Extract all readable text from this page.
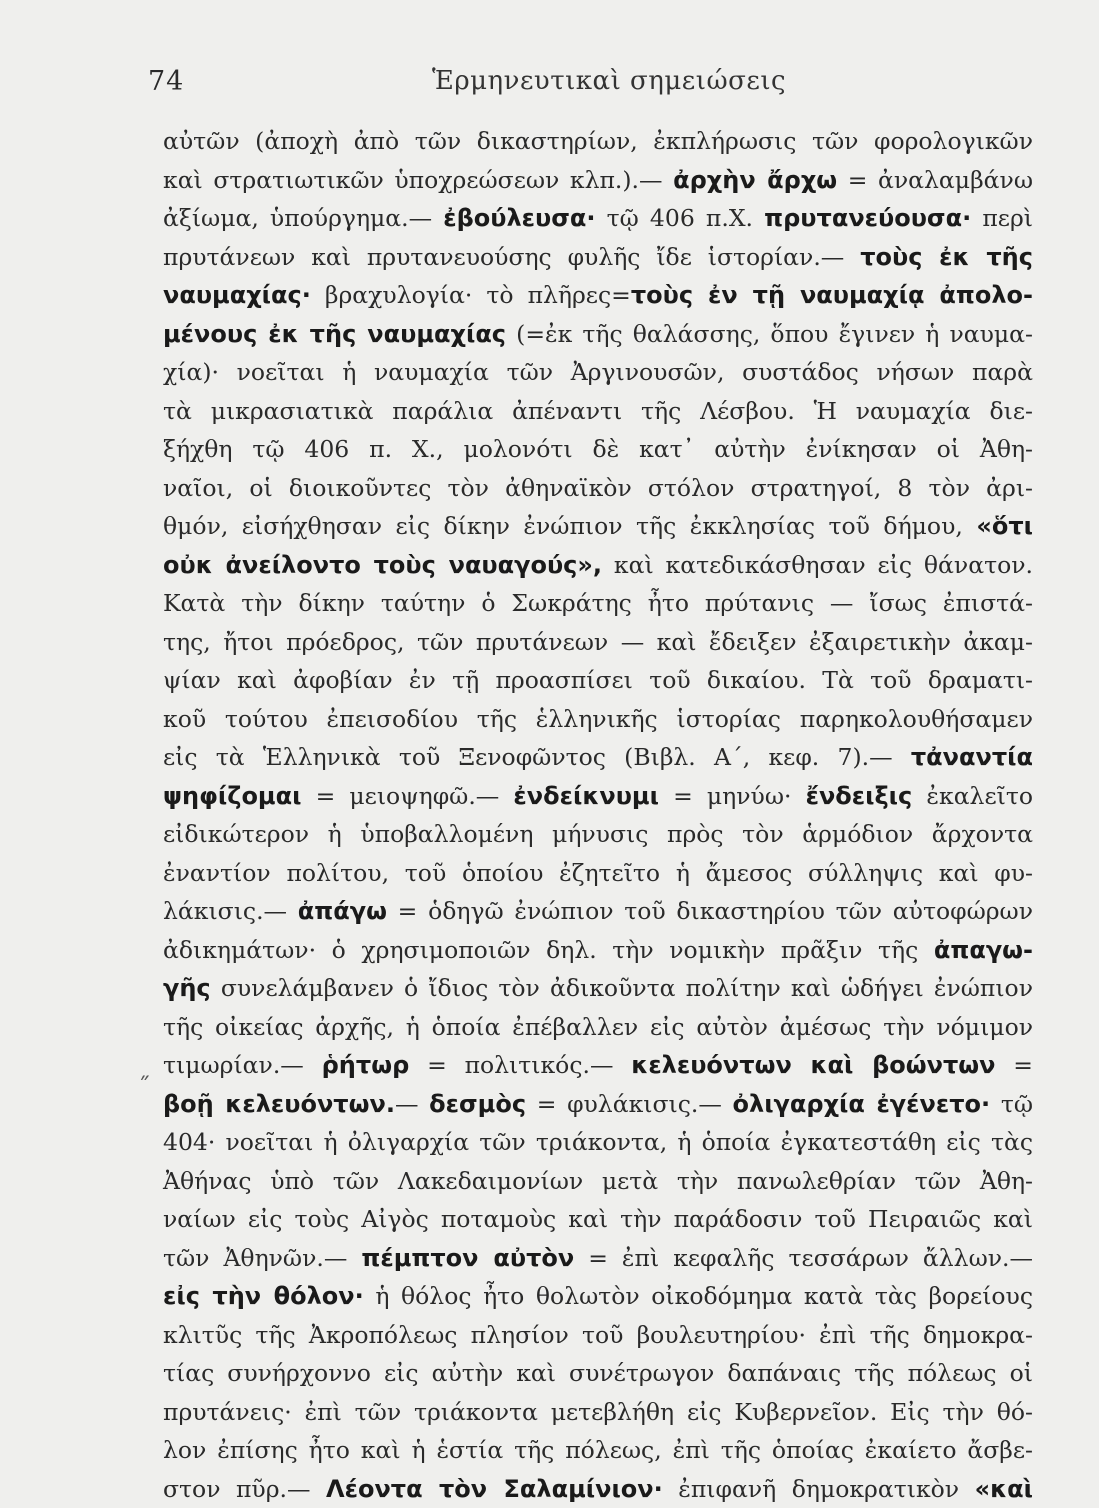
74	Ἑρμηνευτικαὶ σημειώσεις
˝
αὐτῶν (ἀποχὴ ἀπὸ τῶν δικαστηρίων, ἐκπλήρωσις τῶν φορολογικῶν
καὶ στρατιωτικῶν ὑποχρεώσεων κλπ.).— ἀρχὴν ἄρχω = ἀναλαμβάνω
ἀξίωμα, ὑπούργημα.— ἐβούλευσα· τῷ 406 π.Χ. πρυτανεύουσα· περὶ
πρυτάνεων καὶ πρυτανευούσης φυλῆς ἴδε ἱστορίαν.— τοὺς ἐκ τῆς
ναυμαχίας· βραχυλογία· τὸ πλῆρες=τοὺς ἐν τῇ ναυμαχίᾳ ἀπολο-
μένους ἐκ τῆς ναυμαχίας (=ἐκ τῆς θαλάσσης, ὅπου ἔγινεν ἡ ναυμα-
χία)· νοεῖται ἡ ναυμαχία τῶν Ἀργινουσῶν, συστάδος νήσων παρὰ
τὰ μικρασιατικὰ παράλια ἀπέναντι τῆς Λέσβου. Ἡ ναυμαχία διε-
ξήχθη τῷ 406 π. Χ., μολονότι δὲ κατ᾽ αὐτὴν ἐνίκησαν οἱ Ἀθη-
ναῖοι, οἱ διοικοῦντες τὸν ἀθηναϊκὸν στόλον στρατηγοί, 8 τὸν ἀρι-
θμόν, εἰσήχθησαν εἰς δίκην ἐνώπιον τῆς ἐκκλησίας τοῦ δήμου, «ὅτι
οὐκ ἀνείλοντο τοὺς ναυαγούς», καὶ κατεδικάσθησαν εἰς θάνατον.
Κατὰ τὴν δίκην ταύτην ὁ Σωκράτης ἦτο πρύτανις — ἴσως ἐπιστά-
της, ἤτοι πρόεδρος, τῶν πρυτάνεων — καὶ ἔδειξεν ἐξαιρετικὴν ἀκαμ-
ψίαν καὶ ἀφοβίαν ἐν τῇ προασπίσει τοῦ δικαίου. Τὰ τοῦ δραματι-
κοῦ τούτου ἐπεισοδίου τῆς ἑλληνικῆς ἱστορίας παρηκολουθήσαμεν
εἰς τὰ Ἑλληνικὰ τοῦ Ξενοφῶντος (Βιβλ. Α΄, κεφ. 7).— τἀναντία
ψηφίζομαι = μειοψηφῶ.— ἐνδείκνυμι = μηνύω· ἔνδειξις ἐκαλεῖτο
εἰδικώτερον ἡ ὑποβαλλομένη μήνυσις πρὸς τὸν ἁρμόδιον ἄρχοντα
ἐναντίον πολίτου, τοῦ ὁποίου ἐζητεῖτο ἡ ἄμεσος σύλληψις καὶ φυ-
λάκισις.— ἀπάγω = ὁδηγῶ ἐνώπιον τοῦ δικαστηρίου τῶν αὐτοφώρων
ἀδικημάτων· ὁ χρησιμοποιῶν δηλ. τὴν νομικὴν πρᾶξιν τῆς ἀπαγω-
γῆς συνελάμβανεν ὁ ἴδιος τὸν ἀδικοῦντα πολίτην καὶ ὡδήγει ἐνώπιον
τῆς οἰκείας ἀρχῆς, ἡ ὁποία ἐπέβαλλεν εἰς αὐτὸν ἀμέσως τὴν νόμιμον
τιμωρίαν.— ῥήτωρ = πολιτικός.— κελευόντων καὶ βοώντων =
βοῇ κελευόντων.— δεσμὸς = φυλάκισις.— ὀλιγαρχία ἐγένετο· τῷ
404· νοεῖται ἡ ὀλιγαρχία τῶν τριάκοντα, ἡ ὁποία ἐγκατεστάθη εἰς τὰς
Ἀθήνας ὑπὸ τῶν Λακεδαιμονίων μετὰ τὴν πανωλεθρίαν τῶν Ἀθη-
ναίων εἰς τοὺς Αἰγὸς ποταμοὺς καὶ τὴν παράδοσιν τοῦ Πειραιῶς καὶ
τῶν Ἀθηνῶν.— πέμπτον αὐτὸν = ἐπὶ κεφαλῆς τεσσάρων ἄλλων.—
εἰς τὴν θόλον· ἡ θόλος ἦτο θολωτὸν οἰκοδόμημα κατὰ τὰς βορείους
κλιτῦς τῆς Ἀκροπόλεως πλησίον τοῦ βουλευτηρίου· ἐπὶ τῆς δημοκρα-
τίας συνήρχοννο εἰς αὐτὴν καὶ συνέτρωγον δαπάναις τῆς πόλεως οἱ
πρυτάνεις· ἐπὶ τῶν τριάκοντα μετεβλήθη εἰς Κυβερνεῖον. Εἰς τὴν θό-
λον ἐπίσης ἦτο καὶ ἡ ἑστία τῆς πόλεως, ἐπὶ τῆς ὁποίας ἐκαίετο ἄσβε-
στον πῦρ.— Λέοντα τὸν Σαλαμίνιον· ἐπιφανῆ δημοκρατικὸν «καὶ
